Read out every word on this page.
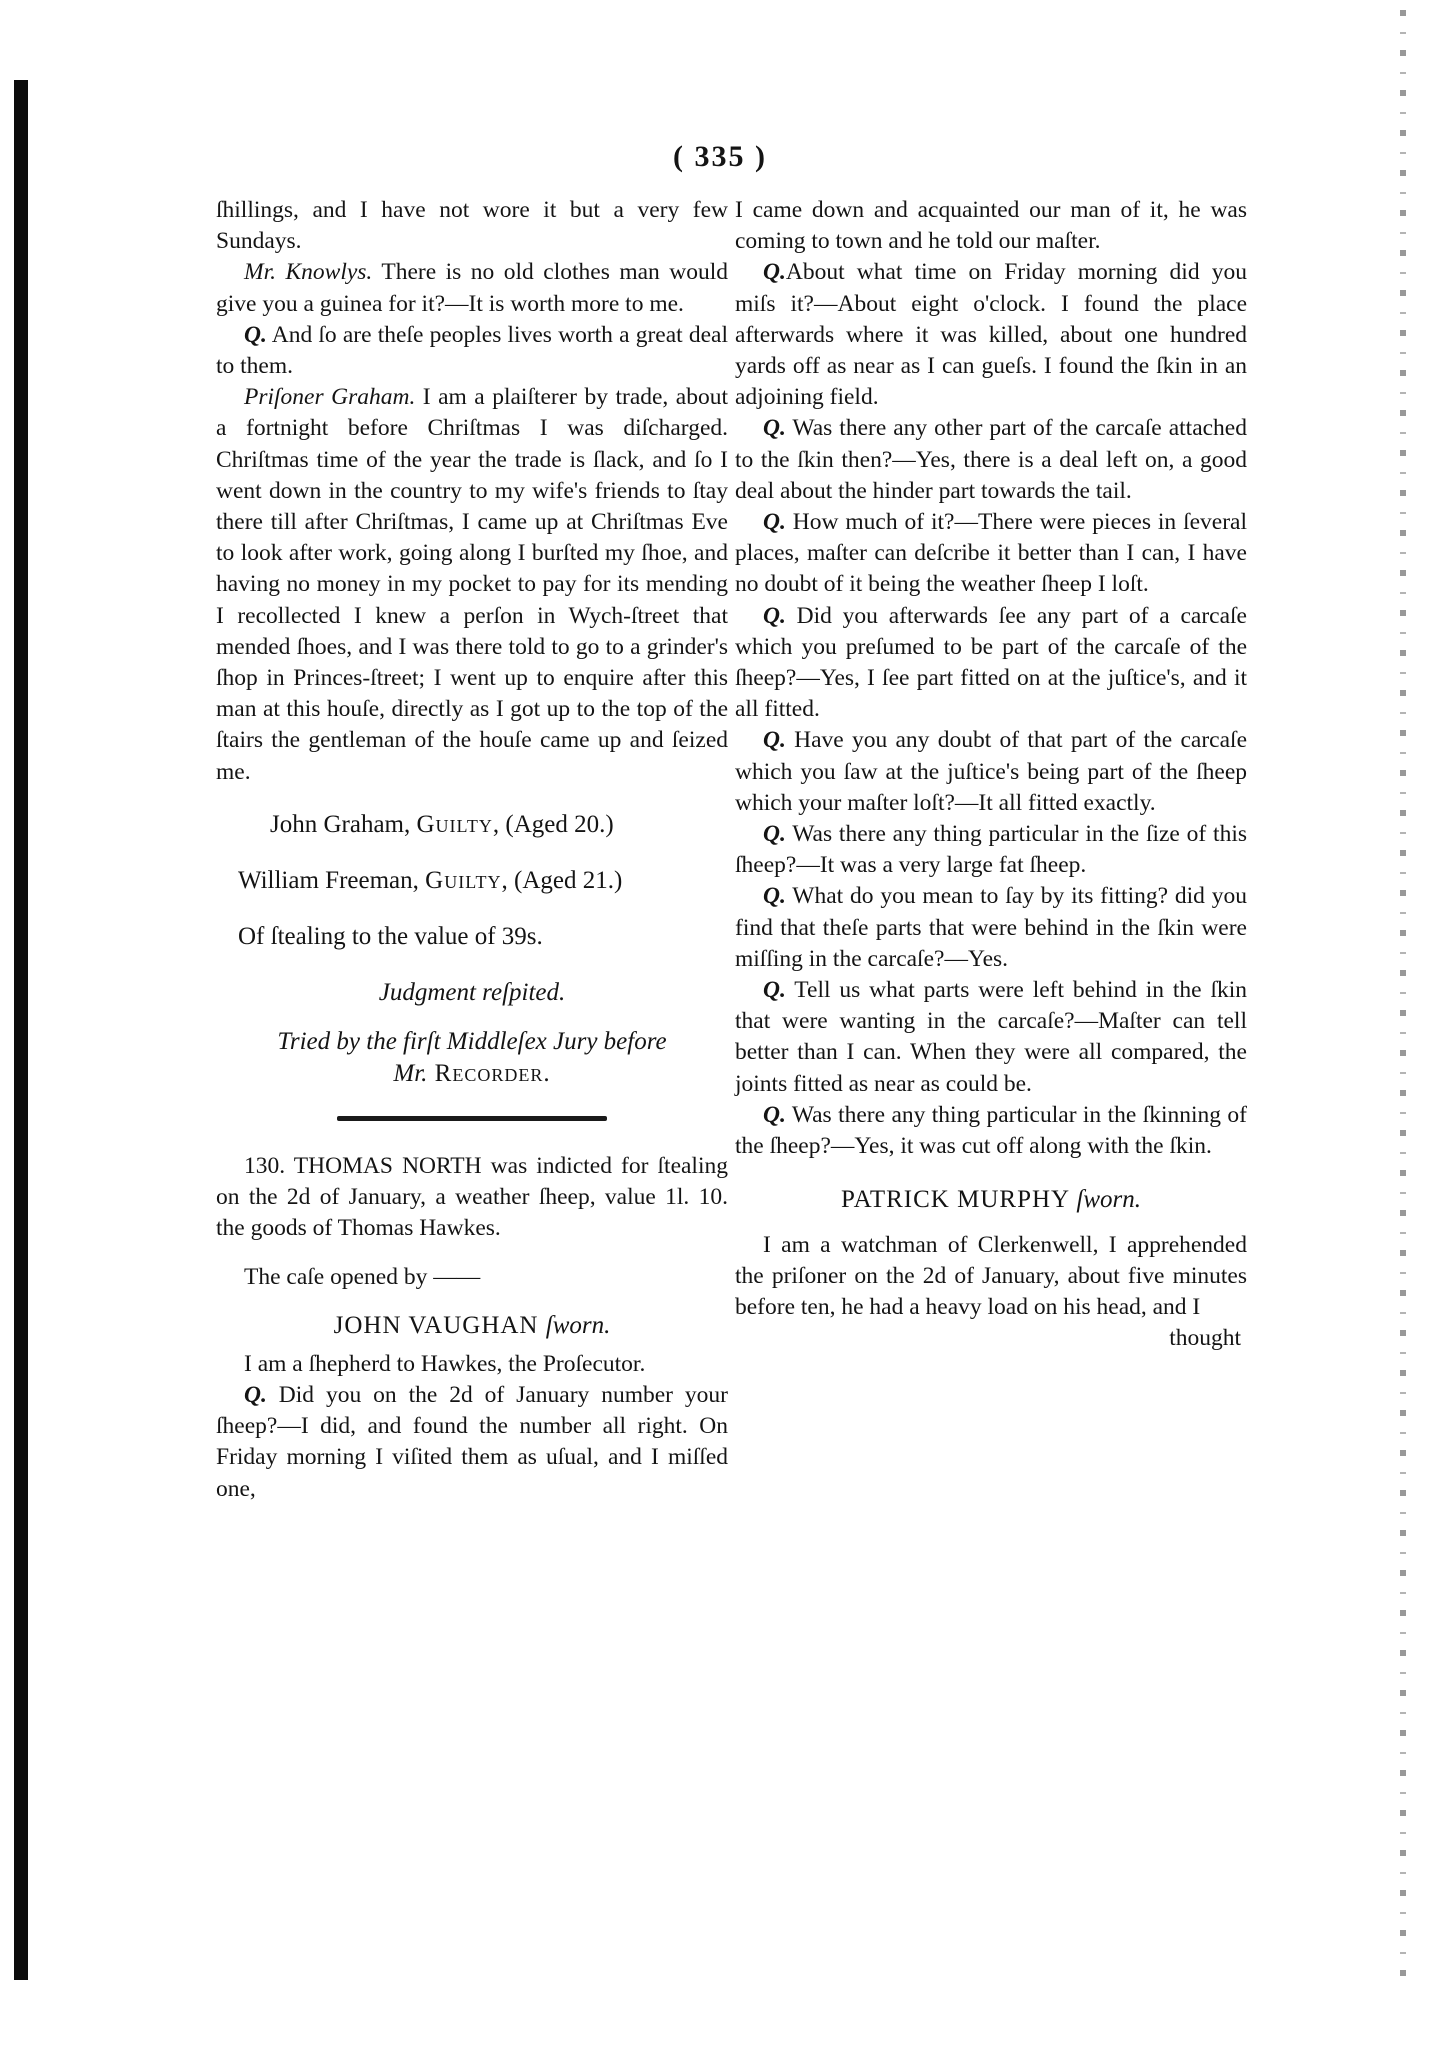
( 335 )

ſhillings, and I have not wore it but a very few Sundays.

Mr. Knowlys. There is no old clothes man would give you a guinea for it?—It is worth more to me.

Q. And ſo are theſe peoples lives worth a great deal to them.

Priſoner Graham. I am a plaiſterer by trade, about a fortnight before Chriſtmas I was diſcharged. Chriſtmas time of the year the trade is ſlack, and ſo I went down in the country to my wife's friends to ſtay there till after Chriſtmas, I came up at Chriſtmas Eve to look after work, going along I burſted my ſhoe, and having no money in my pocket to pay for its mending I recollected I knew a perſon in Wych-ſtreet that mended ſhoes, and I was there told to go to a grinder's ſhop in Princes-ſtreet; I went up to enquire after this man at this houſe, directly as I got up to the top of the ſtairs the gentleman of the houſe came up and ſeized me.

John Graham, Guilty, (Aged 20.)

William Freeman, Guilty, (Aged 21.)

Of ſtealing to the value of 39s.

Judgment reſpited.

Tried by the firſt Middleſex Jury before

Mr. Recorder.

130. THOMAS NORTH was indicted for ſtealing on the 2d of January, a weather ſheep, value 1l. 10. the goods of Thomas Hawkes.

The caſe opened by ——

JOHN VAUGHAN ſworn.

I am a ſhepherd to Hawkes, the Proſecutor.

Q. Did you on the 2d of January number your ſheep?—I did, and found the number all right. On Friday morning I viſited them as uſual, and I miſſed one,

I came down and acquainted our man of it, he was coming to town and he told our maſter.

Q.About what time on Friday morning did you miſs it?—About eight o'clock. I found the place afterwards where it was killed, about one hundred yards off as near as I can gueſs. I found the ſkin in an adjoining field.

Q. Was there any other part of the carcaſe attached to the ſkin then?—Yes, there is a deal left on, a good deal about the hinder part towards the tail.

Q. How much of it?—There were pieces in ſeveral places, maſter can deſcribe it better than I can, I have no doubt of it being the weather ſheep I loſt.

Q. Did you afterwards ſee any part of a carcaſe which you preſumed to be part of the carcaſe of the ſheep?—Yes, I ſee part fitted on at the juſtice's, and it all fitted.

Q. Have you any doubt of that part of the carcaſe which you ſaw at the juſtice's being part of the ſheep which your maſter loſt?—It all fitted exactly.

Q. Was there any thing particular in the ſize of this ſheep?—It was a very large fat ſheep.

Q. What do you mean to ſay by its fitting? did you find that theſe parts that were behind in the ſkin were miſſing in the carcaſe?—Yes.

Q. Tell us what parts were left behind in the ſkin that were wanting in the carcaſe?—Maſter can tell better than I can. When they were all compared, the joints fitted as near as could be.

Q. Was there any thing particular in the ſkinning of the ſheep?—Yes, it was cut off along with the ſkin.

PATRICK MURPHY ſworn.

I am a watchman of Clerkenwell, I apprehended the priſoner on the 2d of January, about five minutes before ten, he had a heavy load on his head, and I

thought
